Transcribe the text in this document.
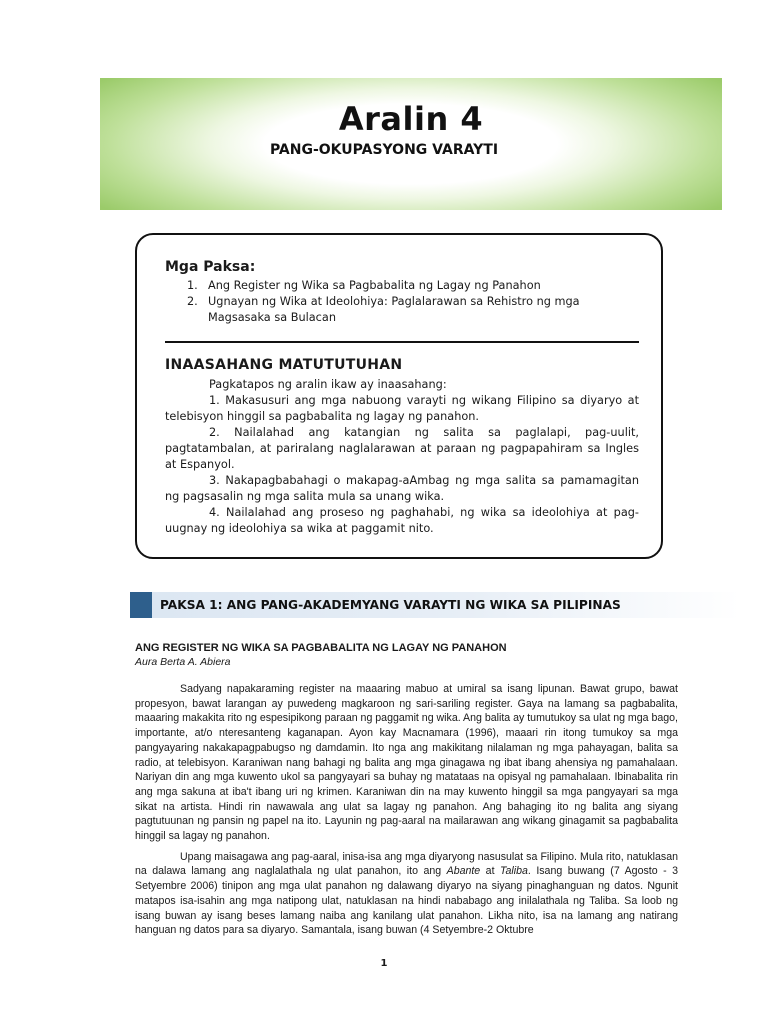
Aralin 4
PANG-OKUPASYONG VARAYTI
Mga Paksa:
1. Ang Register ng Wika sa Pagbabalita ng Lagay ng Panahon
2. Ugnayan ng Wika at Ideolohiya: Paglalarawan sa Rehistro ng mga Magsasaka sa Bulacan
INAASAHANG MATUTUTUHAN

Pagkatapos ng aralin ikaw ay inaasahang:

1. Makasusuri ang mga nabuong varayti ng wikang Filipino sa diyaryo at telebisyon hinggil sa pagbabalita ng lagay ng panahon.

2. Nailalahad ang katangian ng salita sa paglalapi, pag-uulit, pagtatambalan, at pariralang naglalarawan at paraan ng pagpapahiram sa Ingles at Espanyol.

3. Nakapagbabahagi o makapag-aAmbag ng mga salita sa pamamagitan ng pagsasalin ng mga salita mula sa unang wika.

4. Nailalahad ang proseso ng paghahabi, ng wika sa ideolohiya at pag-uugnay ng ideolohiya sa wika at paggamit nito.

PAKSA 1: ANG PANG-AKADEMYANG VARAYTI NG WIKA SA PILIPINAS
ANG REGISTER NG WIKA SA PAGBABALITA NG LAGAY NG PANAHON
Aura Berta A. Abiera

Sadyang napakaraming register na maaaring mabuo at umiral sa isang lipunan. Bawat grupo, bawat propesyon, bawat larangan ay puwedeng magkaroon ng sari-sariling register. Gaya na lamang sa pagbabalita, maaaring makakita rito ng espesipikong paraan ng paggamit ng wika. Ang balita ay tumutukoy sa ulat ng mga bago, importante, at/o nteresanteng kaganapan. Ayon kay Macnamara (1996), maaari rin itong tumukoy sa mga pangyayaring nakakapagpabugso ng damdamin. Ito nga ang makikitang nilalaman ng mga pahayagan, balita sa radio, at telebisyon. Karaniwan nang bahagi ng balita ang mga ginagawa ng ibat ibang ahensiya ng pamahalaan. Nariyan din ang mga kuwento ukol sa pangyayari sa buhay ng matataas na opisyal ng pamahalaan. Ibinabalita rin ang mga sakuna at iba't ibang uri ng krimen. Karaniwan din na may kuwento hinggil sa mga pangyayari sa mga sikat na artista. Hindi rin nawawala ang ulat sa lagay ng panahon. Ang bahaging ito ng balita ang siyang pagtutuunan ng pansin ng papel na ito. Layunin ng pag-aaral na mailarawan ang wikang ginagamit sa pagbabalita hinggil sa lagay ng panahon.

Upang maisagawa ang pag-aaral, inisa-isa ang mga diyaryong nasusulat sa Filipino. Mula rito, natuklasan na dalawa lamang ang naglalathala ng ulat panahon, ito ang Abante at Taliba. Isang buwang (7 Agosto - 3 Setyembre 2006) tinipon ang mga ulat panahon ng dalawang diyaryo na siyang pinaghanguan ng datos. Ngunit matapos isa-isahin ang mga natipong ulat, natuklasan na hindi nababago ang inilalathala ng Taliba. Sa loob ng isang buwan ay isang beses lamang naiba ang kanilang ulat panahon. Likha nito, isa na lamang ang natirang hanguan ng datos para sa diyaryo. Samantala, isang buwan (4 Setyembre-2 Oktubre

1
